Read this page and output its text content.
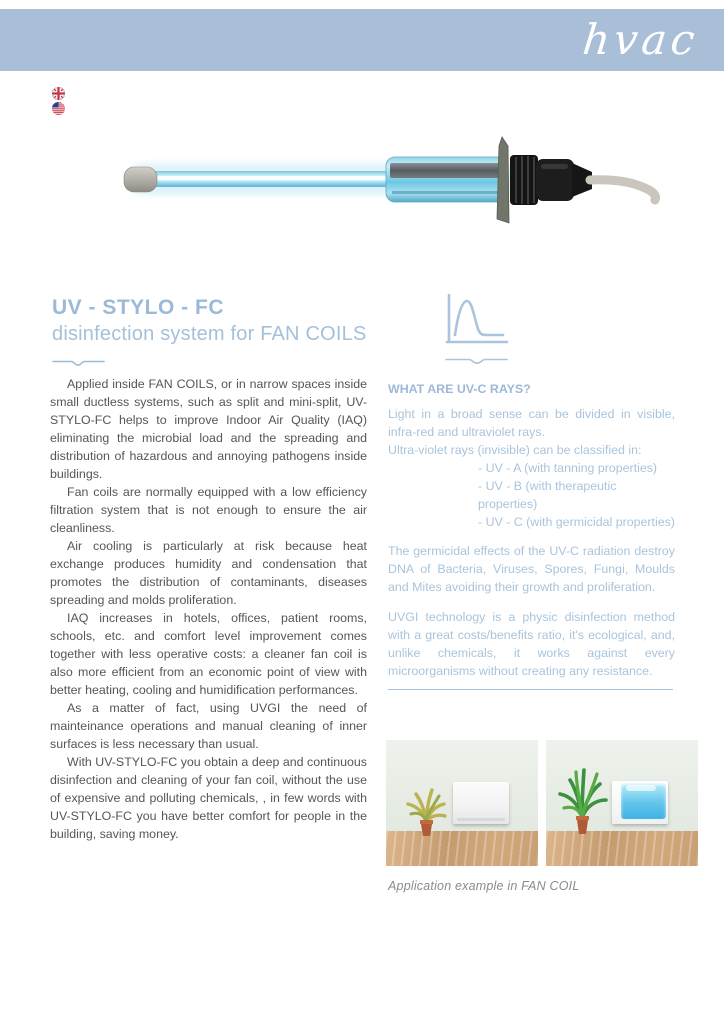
hvac
UV - STYLO - FC
disinfection system for FAN COILS

Applied inside FAN COILS, or in narrow spaces inside small ductless systems, such as split and mini-split, UV-STYLO-FC helps to improve Indoor Air Quality (IAQ) eliminating the microbial load and the spreading and distribution of hazardous and annoying pathogens inside buildings.

Fan coils are normally equipped with a low efficiency filtration system that is not enough to ensure the air cleanliness.

Air cooling is particularly at risk because heat exchange produces humidity and condensation that promotes the distribution of contaminants, diseases spreading and molds proliferation.

IAQ increases in hotels, offices, patient rooms, schools, etc. and comfort level improvement comes together with less operative costs: a cleaner fan coil is also more efficient from an economic point of view with better heating, cooling and humidification performances.

As a matter of fact, using UVGI the need of mainteinance operations and manual cleaning of inner surfaces is less necessary than usual.

With UV-STYLO-FC you obtain a deep and continuous disinfection and cleaning of your fan coil, without the use of expensive and polluting chemicals, , in few words with UV-STYLO-FC you have better comfort for people in the building, saving money.

WHAT ARE UV-C RAYS?

Light in a broad sense can be divided in visible, infra-red and ultraviolet rays.

Ultra-violet rays (invisible) can be classified in:

- UV - A (with tanning properties)
- UV - B (with therapeutic properties)
- UV - C (with germicidal properties)

The germicidal effects of the UV-C radiation destroy DNA of Bacteria, Viruses, Spores, Fungi, Moulds and Mites avoiding their growth and proliferation.

UVGI technology is a physic disinfection method with a great costs/benefits ratio, it's ecological, and, unlike chemicals, it works against every microorganisms without creating any resistance.

Application example in FAN COIL
